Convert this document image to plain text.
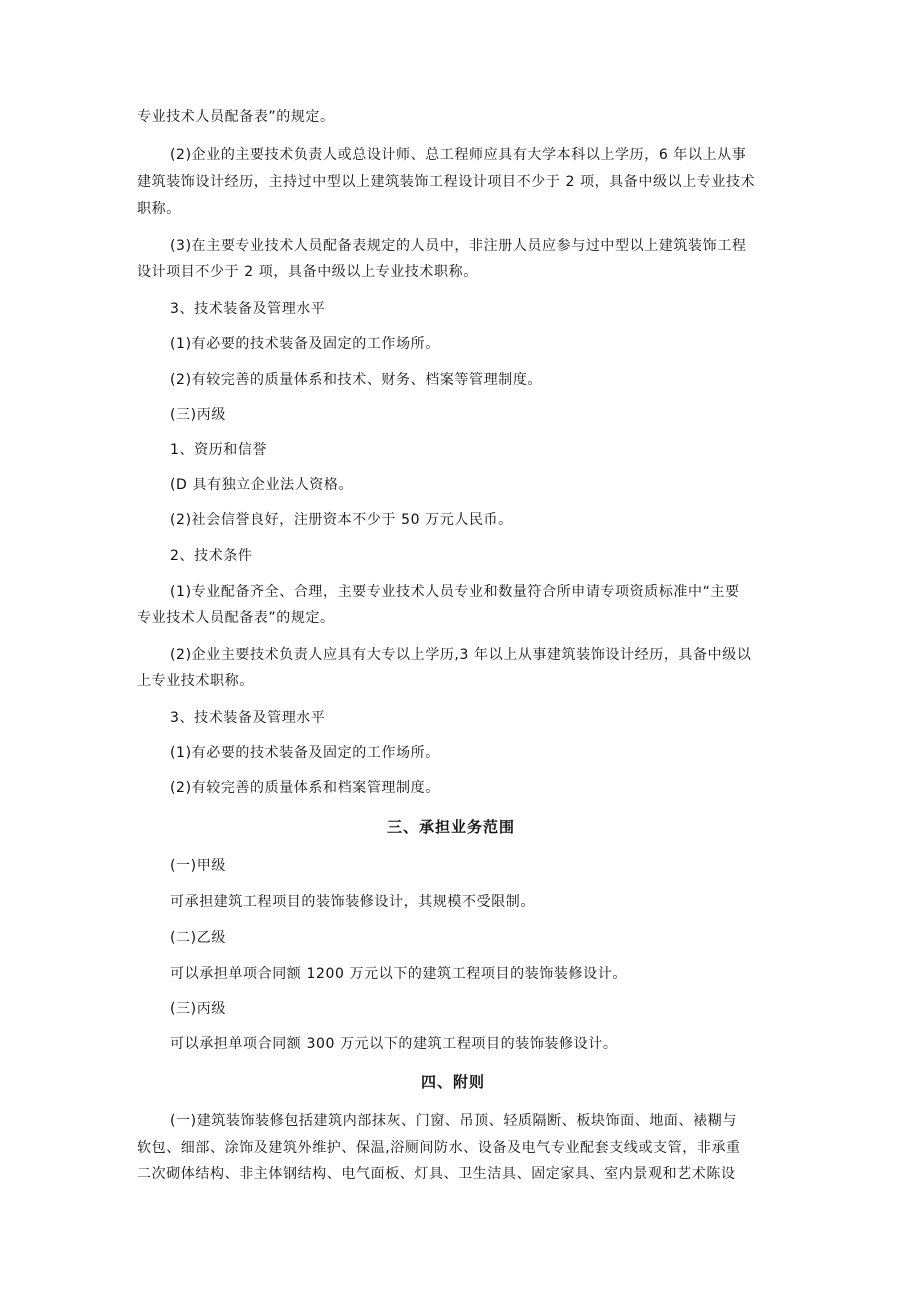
专业技术人员配备表”的规定。
(2)企业的主要技术负责人或总设计师、总工程师应具有大学本科以上学历，6 年以上从事
建筑装饰设计经历，主持过中型以上建筑装饰工程设计项目不少于 2 项，具备中级以上专业技术
职称。
(3)在主要专业技术人员配备表规定的人员中，非注册人员应参与过中型以上建筑装饰工程
设计项目不少于 2 项，具备中级以上专业技术职称。
3、技术装备及管理水平
(1)有必要的技术装备及固定的工作场所。
(2)有较完善的质量体系和技术、财务、档案等管理制度。
(三)丙级
1、资历和信誉
(D 具有独立企业法人资格。
(2)社会信誉良好，注册资本不少于 50 万元人民币。
2、技术条件
(1)专业配备齐全、合理，主要专业技术人员专业和数量符合所申请专项资质标准中“主要
专业技术人员配备表”的规定。
(2)企业主要技术负责人应具有大专以上学历,3 年以上从事建筑装饰设计经历，具备中级以
上专业技术职称。
3、技术装备及管理水平
(1)有必要的技术装备及固定的工作场所。
(2)有较完善的质量体系和档案管理制度。
三、承担业务范围
(一)甲级
可承担建筑工程项目的装饰装修设计，其规模不受限制。
(二)乙级
可以承担单项合同额 1200 万元以下的建筑工程项目的装饰装修设计。
(三)丙级
可以承担单项合同额 300 万元以下的建筑工程项目的装饰装修设计。
四、附则
(一)建筑装饰装修包括建筑内部抹灰、门窗、吊顶、轻质隔断、板块饰面、地面、裱糊与
软包、细部、涂饰及建筑外维护、保温,浴厕间防水、设备及电气专业配套支线或支管，非承重
二次砌体结构、非主体钢结构、电气面板、灯具、卫生洁具、固定家具、室内景观和艺术陈设
